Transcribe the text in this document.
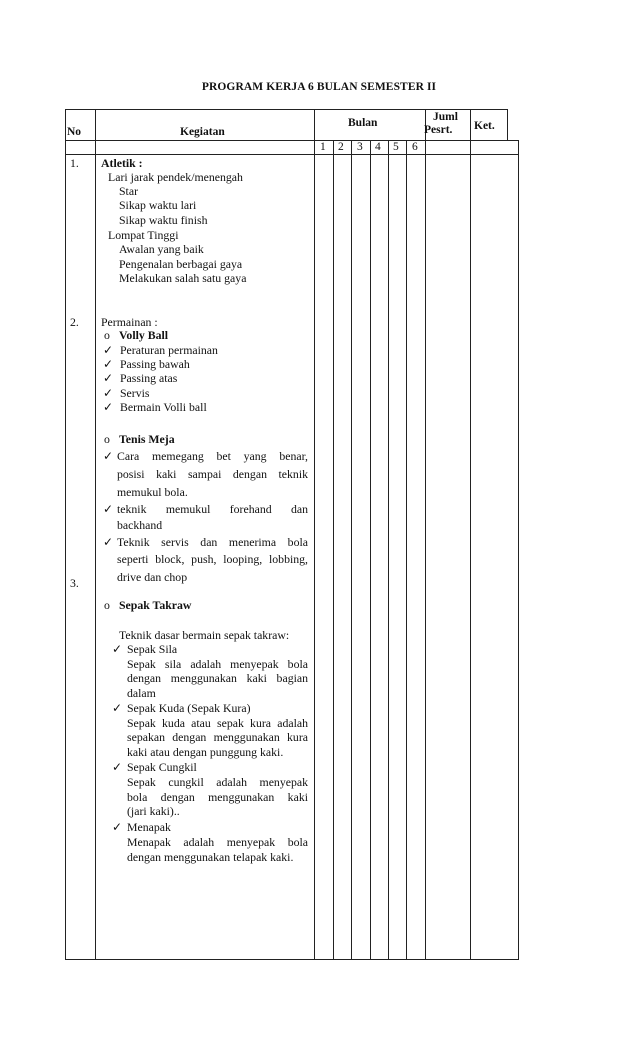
PROGRAM KERJA 6 BULAN SEMESTER II
No	Kegiatan
Bulan	Juml
Pesrt. Ket.
1 2 3 4 5 6
1.
2.
3.
Atletik :
Lari jarak pendek/menengah
Star
Sikap waktu lari
Sikap waktu finish
Lompat Tinggi
Awalan yang baik
Pengenalan berbagai gaya
Melakukan salah satu gaya
Permainan :
o Volly Ball
✓ Peraturan permainan
✓ Passing bawah
✓ Passing atas
✓ Servis
✓ Bermain Volli ball
o Tenis Meja
✓ Cara memegang bet yang benar,
posisi kaki sampai dengan teknik
memukul bola.
✓ teknik memukul forehand dan
backhand
✓ Teknik servis dan menerima bola
seperti block, push, looping, lobbing,
drive dan chop
o Sepak Takraw
Teknik dasar bermain sepak takraw:
✓ Sepak Sila
Sepak sila adalah menyepak bola
dengan menggunakan kaki bagian
dalam
✓ Sepak Kuda (Sepak Kura)
Sepak kuda atau sepak kura adalah
sepakan dengan menggunakan kura
kaki atau dengan punggung kaki.
✓ Sepak Cungkil
Sepak cungkil adalah menyepak
bola dengan menggunakan kaki
(jari kaki)..
✓ Menapak
Menapak adalah menyepak bola
dengan menggunakan telapak kaki.
